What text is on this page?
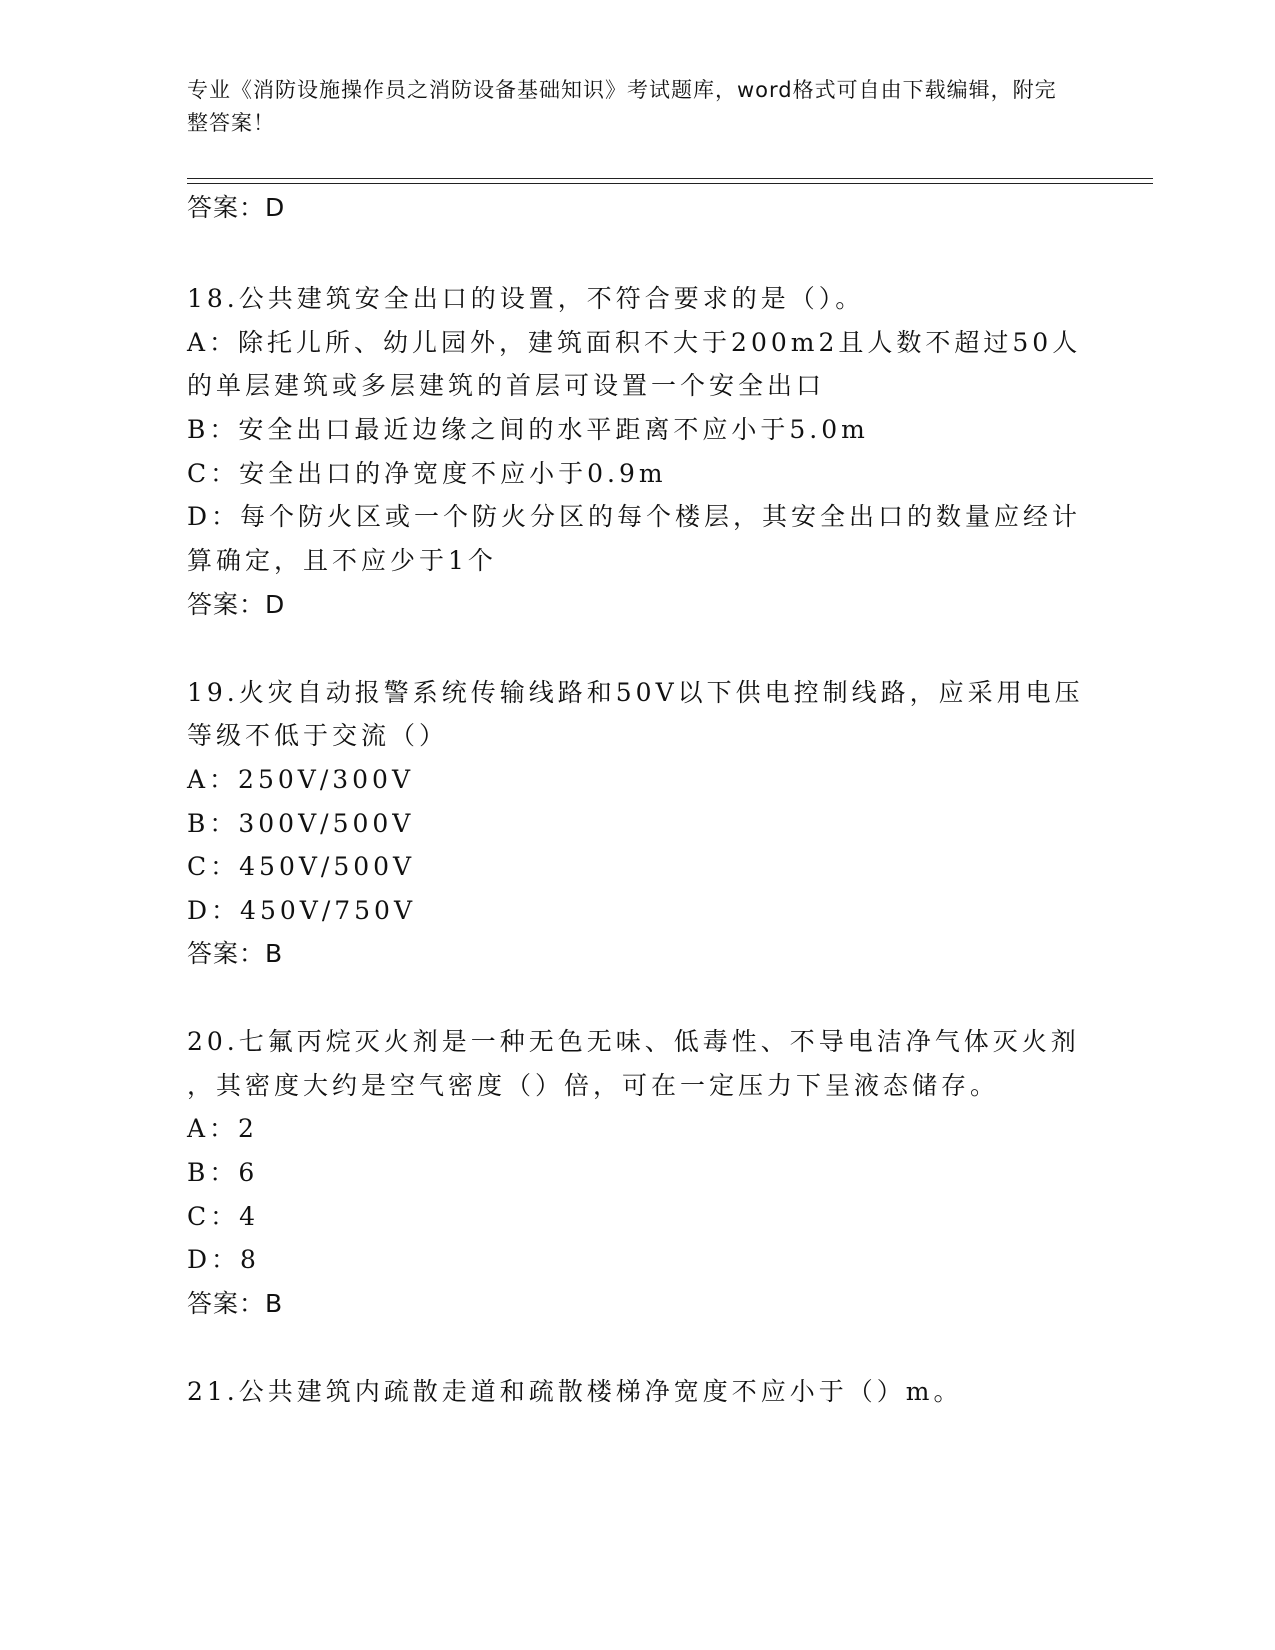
专业《消防设施操作员之消防设备基础知识》考试题库，word格式可自由下载编辑，附完整答案！
答案：D
18.公共建筑安全出口的设置，不符合要求的是（）。
A：除托儿所、幼儿园外，建筑面积不大于200m2且人数不超过50人
的单层建筑或多层建筑的首层可设置一个安全出口
B：安全出口最近边缘之间的水平距离不应小于5.0m
C：安全出口的净宽度不应小于0.9m
D：每个防火区或一个防火分区的每个楼层，其安全出口的数量应经计
算确定，且不应少于1个
答案：D
19.火灾自动报警系统传输线路和50V以下供电控制线路，应采用电压
等级不低于交流（）
A：250V/300V
B：300V/500V
C：450V/500V
D：450V/750V
答案：B
20.七氟丙烷灭火剂是一种无色无味、低毒性、不导电洁净气体灭火剂
，其密度大约是空气密度（）倍，可在一定压力下呈液态储存。
A：2
B：6
C：4
D：8
答案：B
21.公共建筑内疏散走道和疏散楼梯净宽度不应小于（）m。
